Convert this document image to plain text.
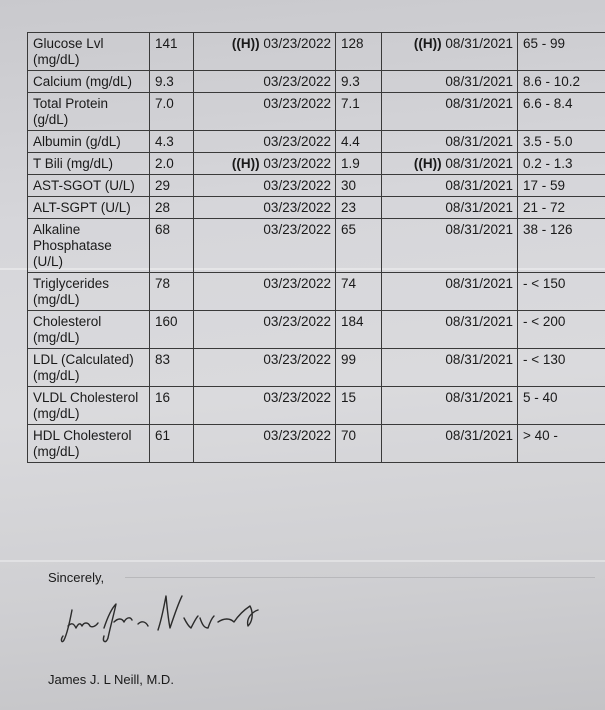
Glucose Lvl (mg/dL)	141	((H)) 03/23/2022	128	((H)) 08/31/2021	65 - 99
Calcium (mg/dL)	9.3	03/23/2022	9.3	08/31/2021	8.6 - 10.2
Total Protein (g/dL)	7.0	03/23/2022	7.1	08/31/2021	6.6 - 8.4
Albumin (g/dL)	4.3	03/23/2022	4.4	08/31/2021	3.5 - 5.0
T Bili (mg/dL)	2.0	((H)) 03/23/2022	1.9	((H)) 08/31/2021	0.2 - 1.3
AST-SGOT (U/L)	29	03/23/2022	30	08/31/2021	17 - 59
ALT-SGPT (U/L)	28	03/23/2022	23	08/31/2021	21 - 72
Alkaline Phosphatase (U/L)	68	03/23/2022	65	08/31/2021	38 - 126
Triglycerides (mg/dL)	78	03/23/2022	74	08/31/2021	- < 150
Cholesterol (mg/dL)	160	03/23/2022	184	08/31/2021	- < 200
LDL (Calculated) (mg/dL)	83	03/23/2022	99	08/31/2021	- < 130
VLDL Cholesterol (mg/dL)	16	03/23/2022	15	08/31/2021	5 - 40
HDL Cholesterol (mg/dL)	61	03/23/2022	70	08/31/2021	> 40 -
Sincerely,
James J. L Neill, M.D.
